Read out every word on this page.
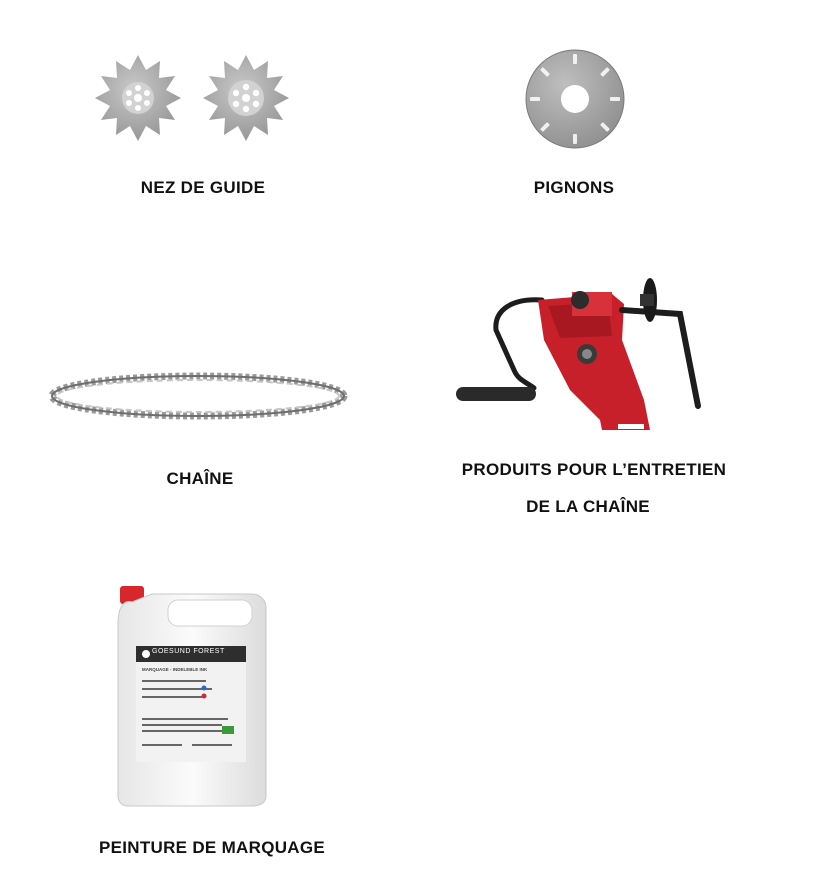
NEZ DE GUIDE	PIGNONS
CHAÎNE	PRODUITS POUR L’ENTRETIEN
DE LA CHAÎNE
GOESUND FOREST
MARQUAGE - INDELEBLE INK
PEINTURE DE MARQUAGE
